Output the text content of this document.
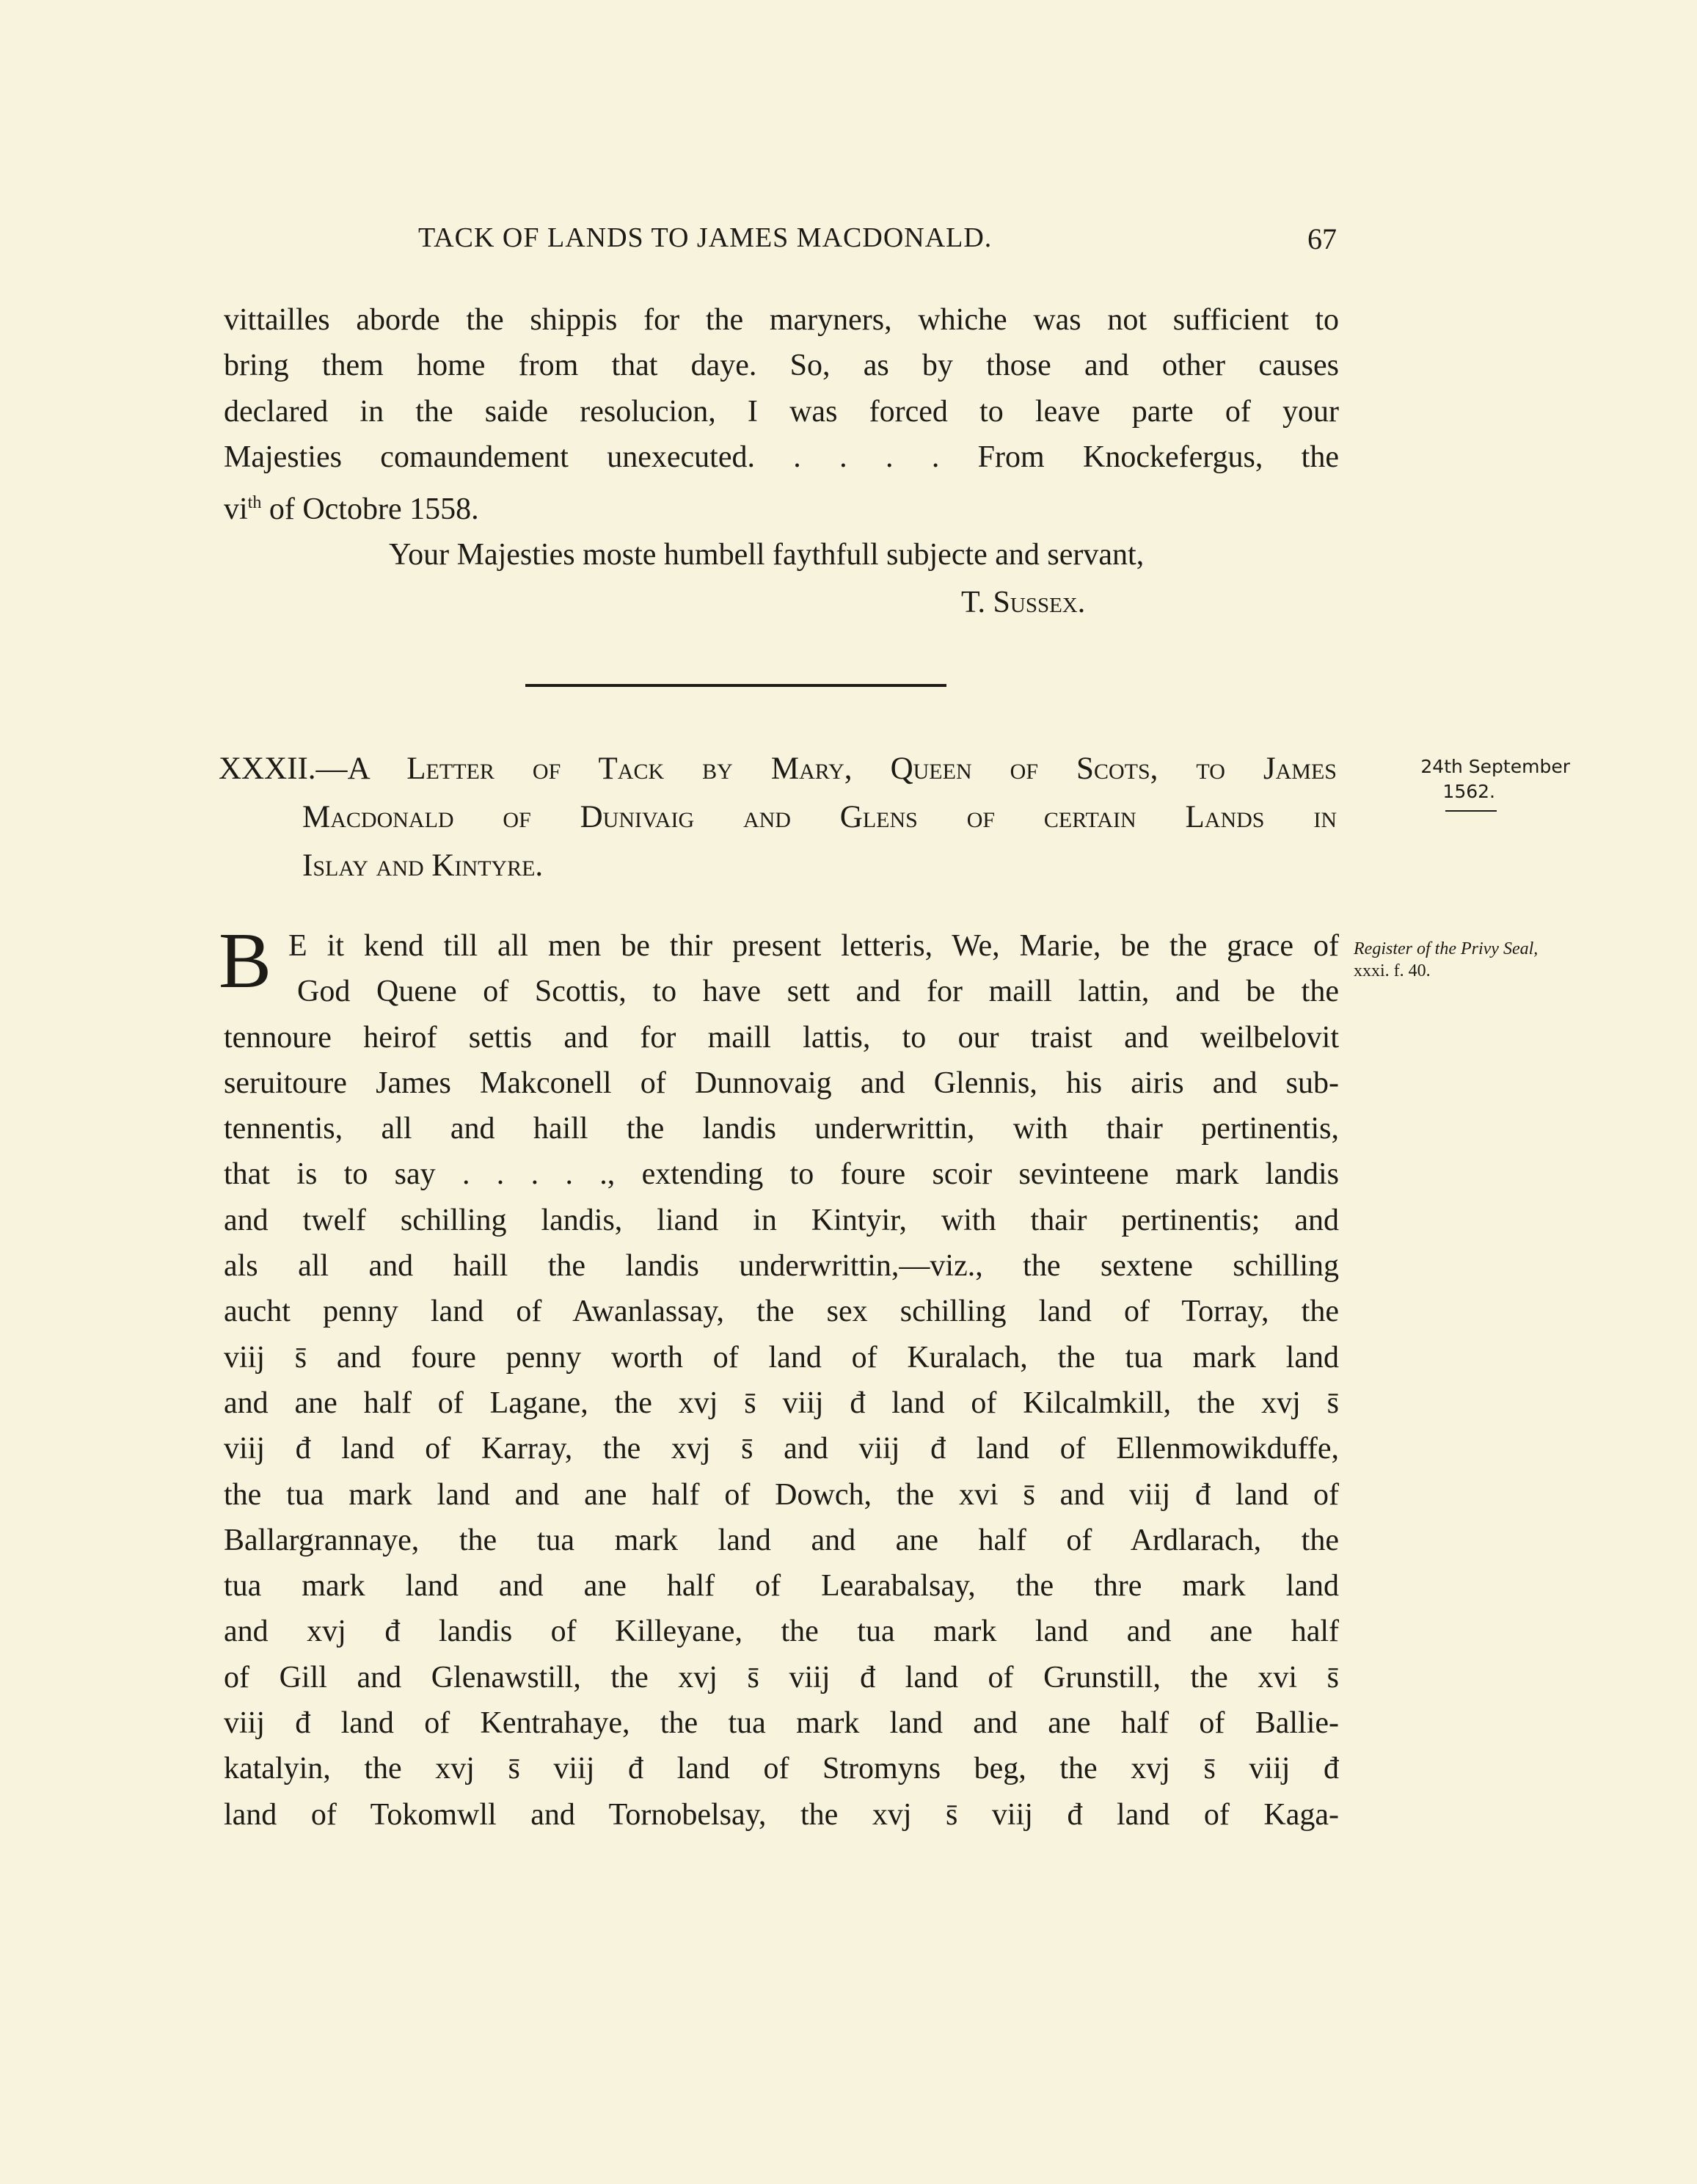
TACK OF LANDS TO JAMES MACDONALD.	67
vittailles aborde the shippis for the maryners, whiche was not sufficient to
bring them home from that daye. So, as by those and other causes
declared in the saide resolucion, I was forced to leave parte of your
Majesties comaundement unexecuted. . . . . From Knockefergus, the
$vi^{th}$ of Octobre 1558.
Your Majesties moste humbell faythfull subjecte and servant,
T. Sussex.
XXXII.—A Letter of Tack by Mary, Queen of Scots, to James
Macdonald of Dunivaig and Glens of certain Lands in
Islay and Kintyre.
24th September
1562.
Register of the Privy Seal, xxxi. f. 40.
B E it kend till all men be thir present letteris, We, Marie, be the grace of
God Quene of Scottis, to have sett and for maill lattin, and be the
tennoure heirof settis and for maill lattis, to our traist and weilbelovit
seruitoure James Makconell of Dunnovaig and Glennis, his airis and sub-
tennentis, all and haill the landis underwrittin, with thair pertinentis,
that is to say . . . . ., extending to foure scoir sevinteene mark landis
and twelf schilling landis, liand in Kintyir, with thair pertinentis; and
als all and haill the landis underwrittin,—viz., the sextene schilling
aucht penny land of Awanlassay, the sex schilling land of Torray, the
viij s̄ and foure penny worth of land of Kuralach, the tua mark land
and ane half of Lagane, the xvj s̄ viij đ land of Kilcalmkill, the xvj s̄
viij đ land of Karray, the xvj s̄ and viij đ land of Ellenmowikduffe,
the tua mark land and ane half of Dowch, the xvi s̄ and viij đ land of
Ballargrannaye, the tua mark land and ane half of Ardlarach, the
tua mark land and ane half of Learabalsay, the thre mark land
and xvj đ landis of Killeyane, the tua mark land and ane half
of Gill and Glenawstill, the xvj s̄ viij đ land of Grunstill, the xvi s̄
viij đ land of Kentrahaye, the tua mark land and ane half of Ballie-
katalyin, the xvj s̄ viij đ land of Stromyns beg, the xvj s̄ viij đ
land of Tokomwll and Tornobelsay, the xvj s̄ viij đ land of Kaga-
